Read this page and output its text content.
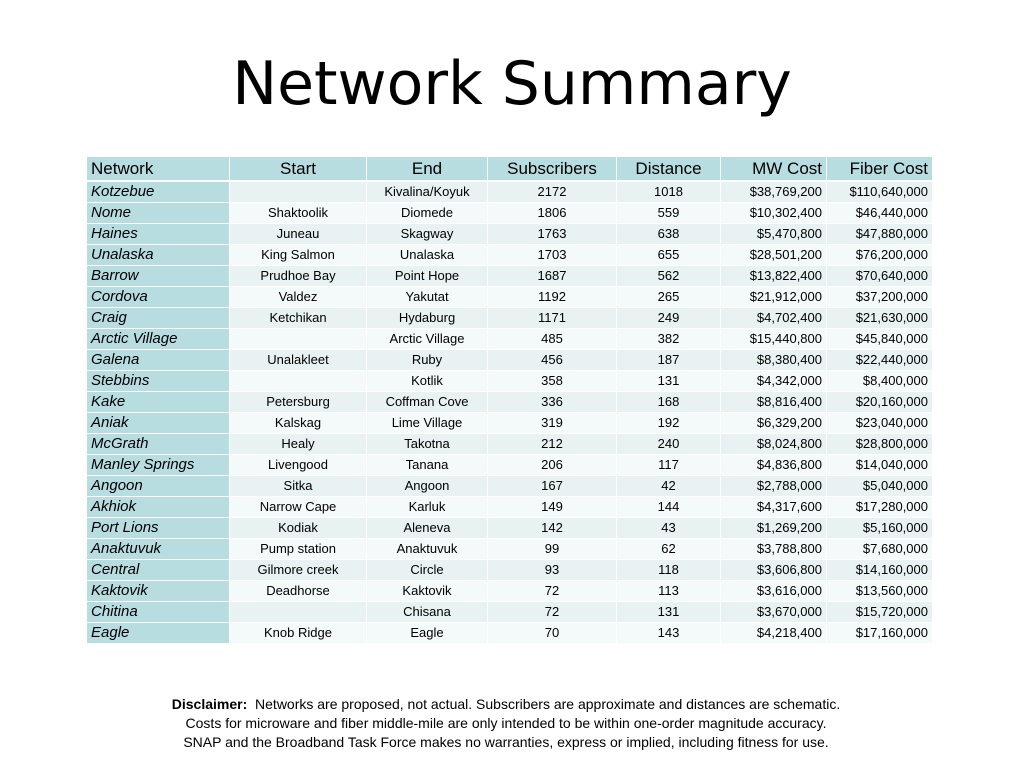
Network Summary
Network	Start	End	Subscribers	Distance	MW Cost	Fiber Cost
Kotzebue		Kivalina/Koyuk	2172	1018	$38,769,200	$110,640,000
Nome	Shaktoolik	Diomede	1806	559	$10,302,400	$46,440,000
Haines	Juneau	Skagway	1763	638	$5,470,800	$47,880,000
Unalaska	King Salmon	Unalaska	1703	655	$28,501,200	$76,200,000
Barrow	Prudhoe Bay	Point Hope	1687	562	$13,822,400	$70,640,000
Cordova	Valdez	Yakutat	1192	265	$21,912,000	$37,200,000
Craig	Ketchikan	Hydaburg	1171	249	$4,702,400	$21,630,000
Arctic Village		Arctic Village	485	382	$15,440,800	$45,840,000
Galena	Unalakleet	Ruby	456	187	$8,380,400	$22,440,000
Stebbins		Kotlik	358	131	$4,342,000	$8,400,000
Kake	Petersburg	Coffman Cove	336	168	$8,816,400	$20,160,000
Aniak	Kalskag	Lime Village	319	192	$6,329,200	$23,040,000
McGrath	Healy	Takotna	212	240	$8,024,800	$28,800,000
Manley Springs	Livengood	Tanana	206	117	$4,836,800	$14,040,000
Angoon	Sitka	Angoon	167	42	$2,788,000	$5,040,000
Akhiok	Narrow Cape	Karluk	149	144	$4,317,600	$17,280,000
Port Lions	Kodiak	Aleneva	142	43	$1,269,200	$5,160,000
Anaktuvuk	Pump station	Anaktuvuk	99	62	$3,788,800	$7,680,000
Central	Gilmore creek	Circle	93	118	$3,606,800	$14,160,000
Kaktovik	Deadhorse	Kaktovik	72	113	$3,616,000	$13,560,000
Chitina		Chisana	72	131	$3,670,000	$15,720,000
Eagle	Knob Ridge	Eagle	70	143	$4,218,400	$17,160,000
Disclaimer: Networks are proposed, not actual. Subscribers are approximate and distances are schematic.
Costs for microware and fiber middle-mile are only intended to be within one-order magnitude accuracy.
SNAP and the Broadband Task Force makes no warranties, express or implied, including fitness for use.
